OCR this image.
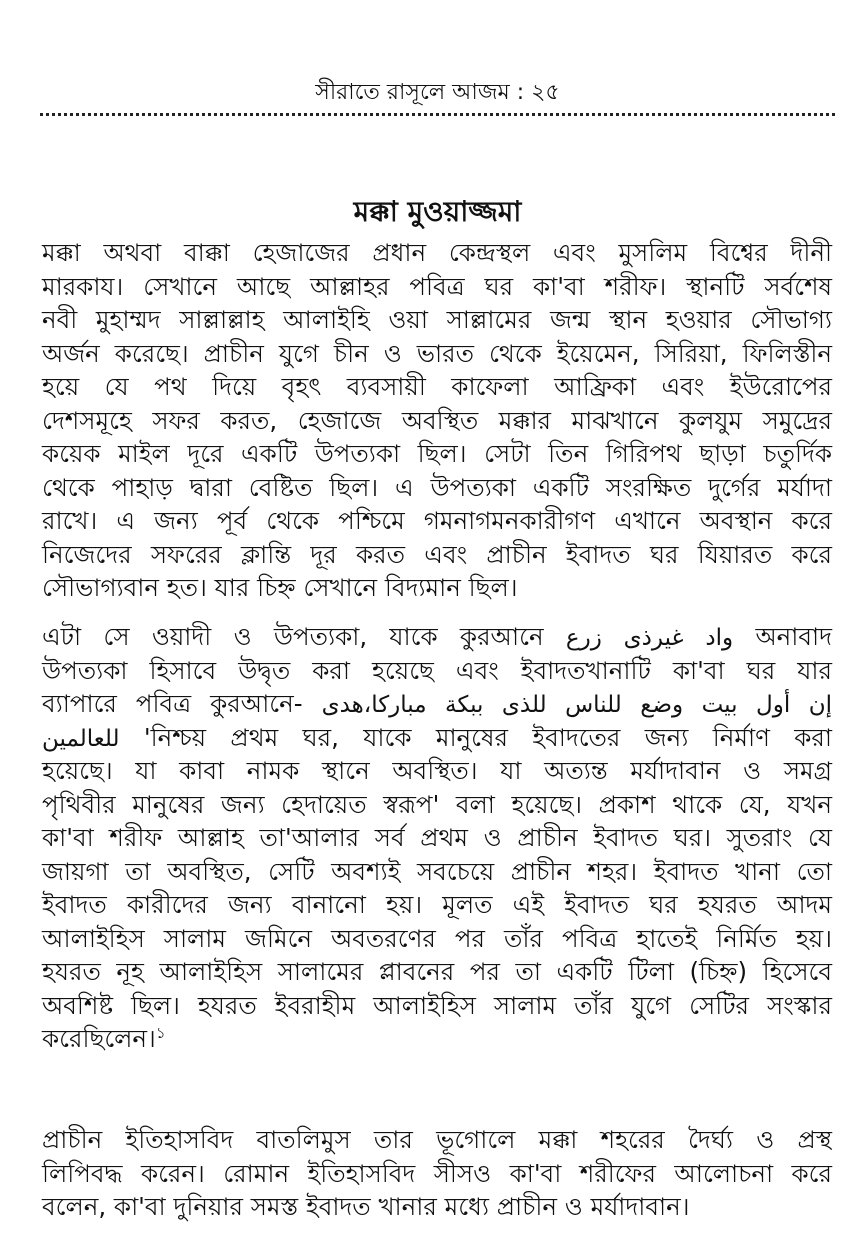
সীরাতে রাসূলে আজম : ২৫
মক্কা মুওয়াজ্জমা
মক্কা অথবা বাক্কা হেজাজের প্রধান কেন্দ্রস্থল এবং মুসলিম বিশ্বের দীনী
মারকায। সেখানে আছে আল্লাহর পবিত্র ঘর কা'বা শরীফ। স্থানটি সর্বশেষ
নবী মুহাম্মদ সাল্লাল্লাহ আলাইহি ওয়া সাল্লামের জন্ম স্থান হওয়ার সৌভাগ্য
অর্জন করেছে। প্রাচীন যুগে চীন ও ভারত থেকে ইয়েমেন, সিরিয়া, ফিলিস্তীন
হয়ে যে পথ দিয়ে বৃহৎ ব্যবসায়ী কাফেলা আফ্রিকা এবং ইউরোপের
দেশসমূহে সফর করত, হেজাজে অবস্থিত মক্কার মাঝখানে কুলযুম সমুদ্রের
কয়েক মাইল দূরে একটি উপত্যকা ছিল। সেটা তিন গিরিপথ ছাড়া চতুর্দিক
থেকে পাহাড় দ্বারা বেষ্টিত ছিল। এ উপত্যকা একটি সংরক্ষিত দুর্গের মর্যাদা
রাখে। এ জন্য পূর্ব থেকে পশ্চিমে গমনাগমনকারীগণ এখানে অবস্থান করে
নিজেদের সফরের ক্লান্তি দূর করত এবং প্রাচীন ইবাদত ঘর যিয়ারত করে
সৌভাগ্যবান হত। যার চিহ্ন সেখানে বিদ্যমান ছিল।
এটা সে ওয়াদী ও উপত্যকা, যাকে কুরআনে واد غيرذى زرع অনাবাদ
উপত্যকা হিসাবে উদ্বৃত করা হয়েছে এবং ইবাদতখানাটি কা'বা ঘর যার
ব্যাপারে পবিত্র কুরআনে- إن أول بيت وضع للناس للذى ببكة مباركا،هدى
للعالمين 'নিশ্চয় প্রথম ঘর, যাকে মানুষের ইবাদতের জন্য নির্মাণ করা
হয়েছে। যা কাবা নামক স্থানে অবস্থিত। যা অত্যন্ত মর্যাদাবান ও সমগ্র
পৃথিবীর মানুষের জন্য হেদায়েত স্বরূপ' বলা হয়েছে। প্রকাশ থাকে যে, যখন
কা'বা শরীফ আল্লাহ তা'আলার সর্ব প্রথম ও প্রাচীন ইবাদত ঘর। সুতরাং যে
জায়গা তা অবস্থিত, সেটি অবশ্যই সবচেয়ে প্রাচীন শহর। ইবাদত খানা তো
ইবাদত কারীদের জন্য বানানো হয়। মূলত এই ইবাদত ঘর হযরত আদম
আলাইহিস সালাম জমিনে অবতরণের পর তাঁর পবিত্র হাতেই নির্মিত হয়।
হযরত নূহ আলাইহিস সালামের প্লাবনের পর তা একটি টিলা (চিহ্ন) হিসেবে
অবশিষ্ট ছিল। হযরত ইবরাহীম আলাইহিস সালাম তাঁর যুগে সেটির সংস্কার
করেছিলেন।$^১$
প্রাচীন ইতিহাসবিদ বাতলিমুস তার ভূগোলে মক্কা শহরের দৈর্ঘ্য ও প্রস্থ
লিপিবদ্ধ করেন। রোমান ইতিহাসবিদ সীসও কা'বা শরীফের আলোচনা করে
বলেন, কা'বা দুনিয়ার সমস্ত ইবাদত খানার মধ্যে প্রাচীন ও মর্যাদাবান।
